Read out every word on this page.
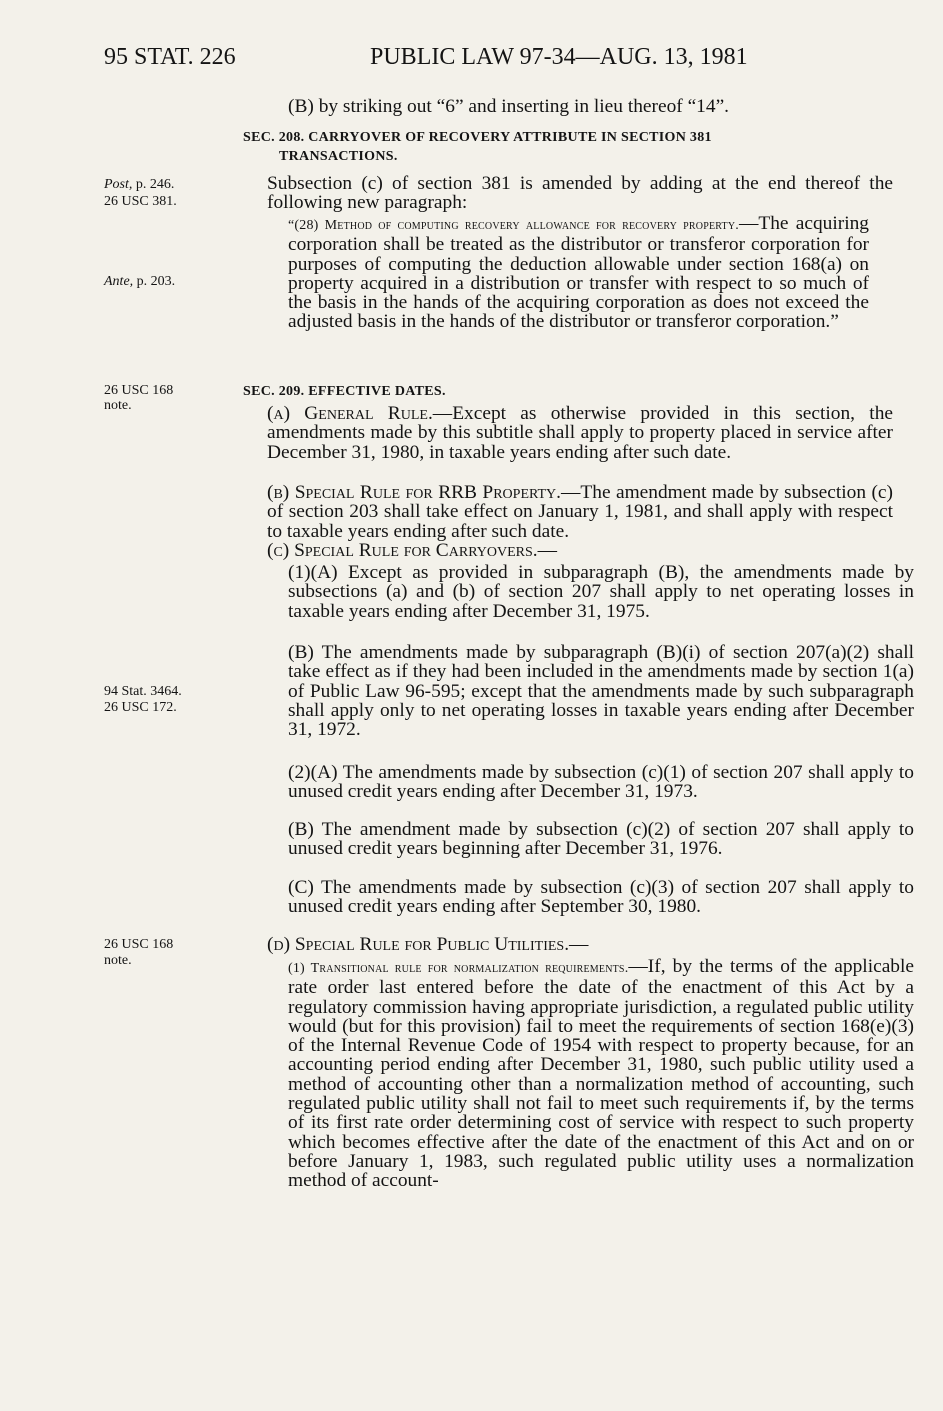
95 STAT. 226	PUBLIC LAW 97-34—AUG. 13, 1981
Post, p. 246.
26 USC 381.
Ante, p. 203.
26 USC 168
note.
94 Stat. 3464.
26 USC 172.
26 USC 168
note.

(B) by striking out “6” and inserting in lieu thereof “14”.

SEC. 208. CARRYOVER OF RECOVERY ATTRIBUTE IN SECTION 381
TRANSACTIONS.

Subsection (c) of section 381 is amended by adding at the end thereof the following new paragraph:

“(28) Method of computing recovery allowance for recovery property.—The acquiring corporation shall be treated as the distributor or transferor corporation for purposes of computing the deduction allowable under section 168(a) on property acquired in a distribution or transfer with respect to so much of the basis in the hands of the acquiring corporation as does not exceed the adjusted basis in the hands of the distributor or transferor corporation.”

SEC. 209. EFFECTIVE DATES.

(a) General Rule.—Except as otherwise provided in this section, the amendments made by this subtitle shall apply to property placed in service after December 31, 1980, in taxable years ending after such date.

(b) Special Rule for RRB Property.—The amendment made by subsection (c) of section 203 shall take effect on January 1, 1981, and shall apply with respect to taxable years ending after such date.

(c) Special Rule for Carryovers.—

(1)(A) Except as provided in subparagraph (B), the amendments made by subsections (a) and (b) of section 207 shall apply to net operating losses in taxable years ending after December 31, 1975.

(B) The amendments made by subparagraph (B)(i) of section 207(a)(2) shall take effect as if they had been included in the amendments made by section 1(a) of Public Law 96-595; except that the amendments made by such subparagraph shall apply only to net operating losses in taxable years ending after December 31, 1972.

(2)(A) The amendments made by subsection (c)(1) of section 207 shall apply to unused credit years ending after December 31, 1973.

(B) The amendment made by subsection (c)(2) of section 207 shall apply to unused credit years beginning after December 31, 1976.

(C) The amendments made by subsection (c)(3) of section 207 shall apply to unused credit years ending after September 30, 1980.

(d) Special Rule for Public Utilities.—

(1) Transitional rule for normalization requirements.—If, by the terms of the applicable rate order last entered before the date of the enactment of this Act by a regulatory commission having appropriate jurisdiction, a regulated public utility would (but for this provision) fail to meet the requirements of section 168(e)(3) of the Internal Revenue Code of 1954 with respect to property because, for an accounting period ending after December 31, 1980, such public utility used a method of accounting other than a normalization method of accounting, such regulated public utility shall not fail to meet such requirements if, by the terms of its first rate order determining cost of service with respect to such property which becomes effective after the date of the enactment of this Act and on or before January 1, 1983, such regulated public utility uses a normalization method of account-
